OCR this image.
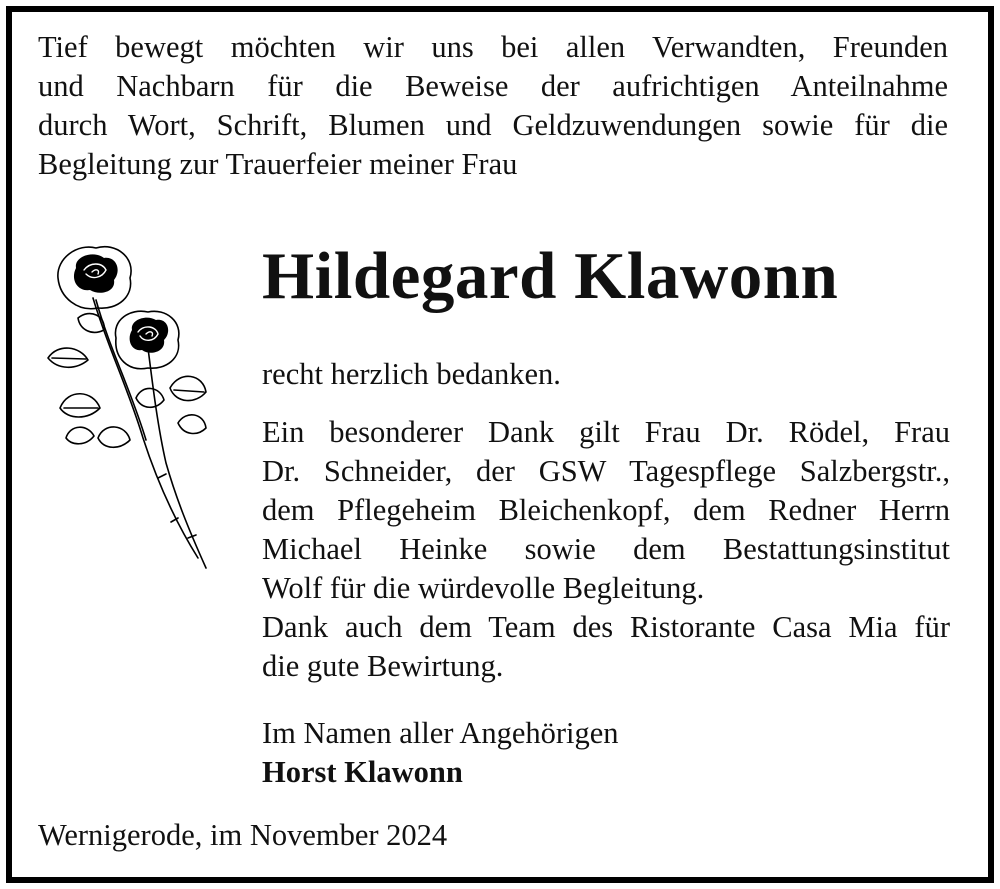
Tief bewegt möchten wir uns bei allen Verwandten, Freunden
und Nachbarn für die Beweise der aufrichtigen Anteilnahme
durch Wort, Schrift, Blumen und Geldzuwendungen sowie für die
Begleitung zur Trauerfeier meiner Frau
Hildegard Klawonn
recht herzlich bedanken.
Ein besonderer Dank gilt Frau Dr. Rödel, Frau
Dr. Schneider, der GSW Tagespflege Salzbergstr.,
dem Pflegeheim Bleichenkopf, dem Redner Herrn
Michael Heinke sowie dem Bestattungsinstitut
Wolf für die würdevolle Begleitung.
Dank auch dem Team des Ristorante Casa Mia für
die gute Bewirtung.
Im Namen aller Angehörigen
Horst Klawonn
Wernigerode, im November 2024
